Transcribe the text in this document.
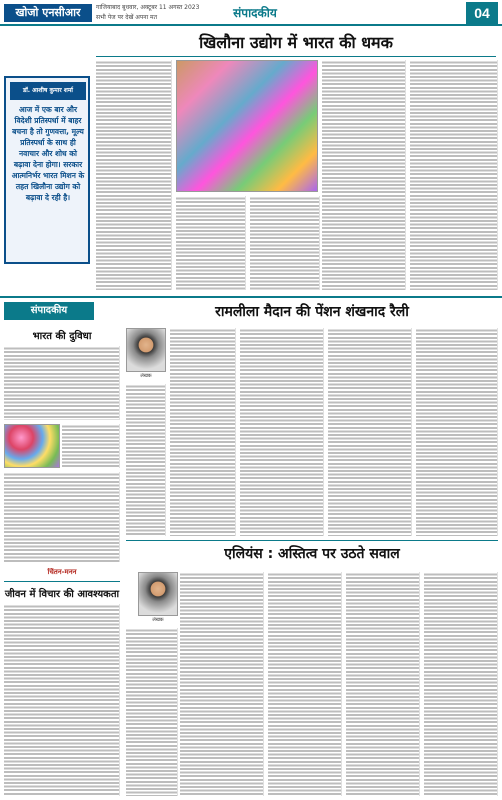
खोजो एनसीआर	गाजियाबाद बुधवार, अक्टूबर 11 अगस्त 2023
सभी पेज पर देखें अपना मत	संपादकीय	04
खिलौना उद्योग में भारत की धमक
डॉ. आशीष कुमार शर्मा
आज में एक बार और विदेशी प्रतिस्पर्धा में बाहर बचना है तो गुणवत्ता, मूल्य प्रतिस्पर्धा के साथ ही नवाचार और शोध को बढ़ावा देना होगा। सरकार आत्मनिर्भर भारत मिशन के तहत खिलौना उद्योग को बढ़ावा दे रही है।
संपादकीय
भारत की दुविधा
चिंतन-मनन
जीवन में विचार की आवश्यकता
रामलीला मैदान की पेंशन शंखनाद रैली
लेखक
एलियंस : अस्तित्व पर उठते सवाल
लेखक
